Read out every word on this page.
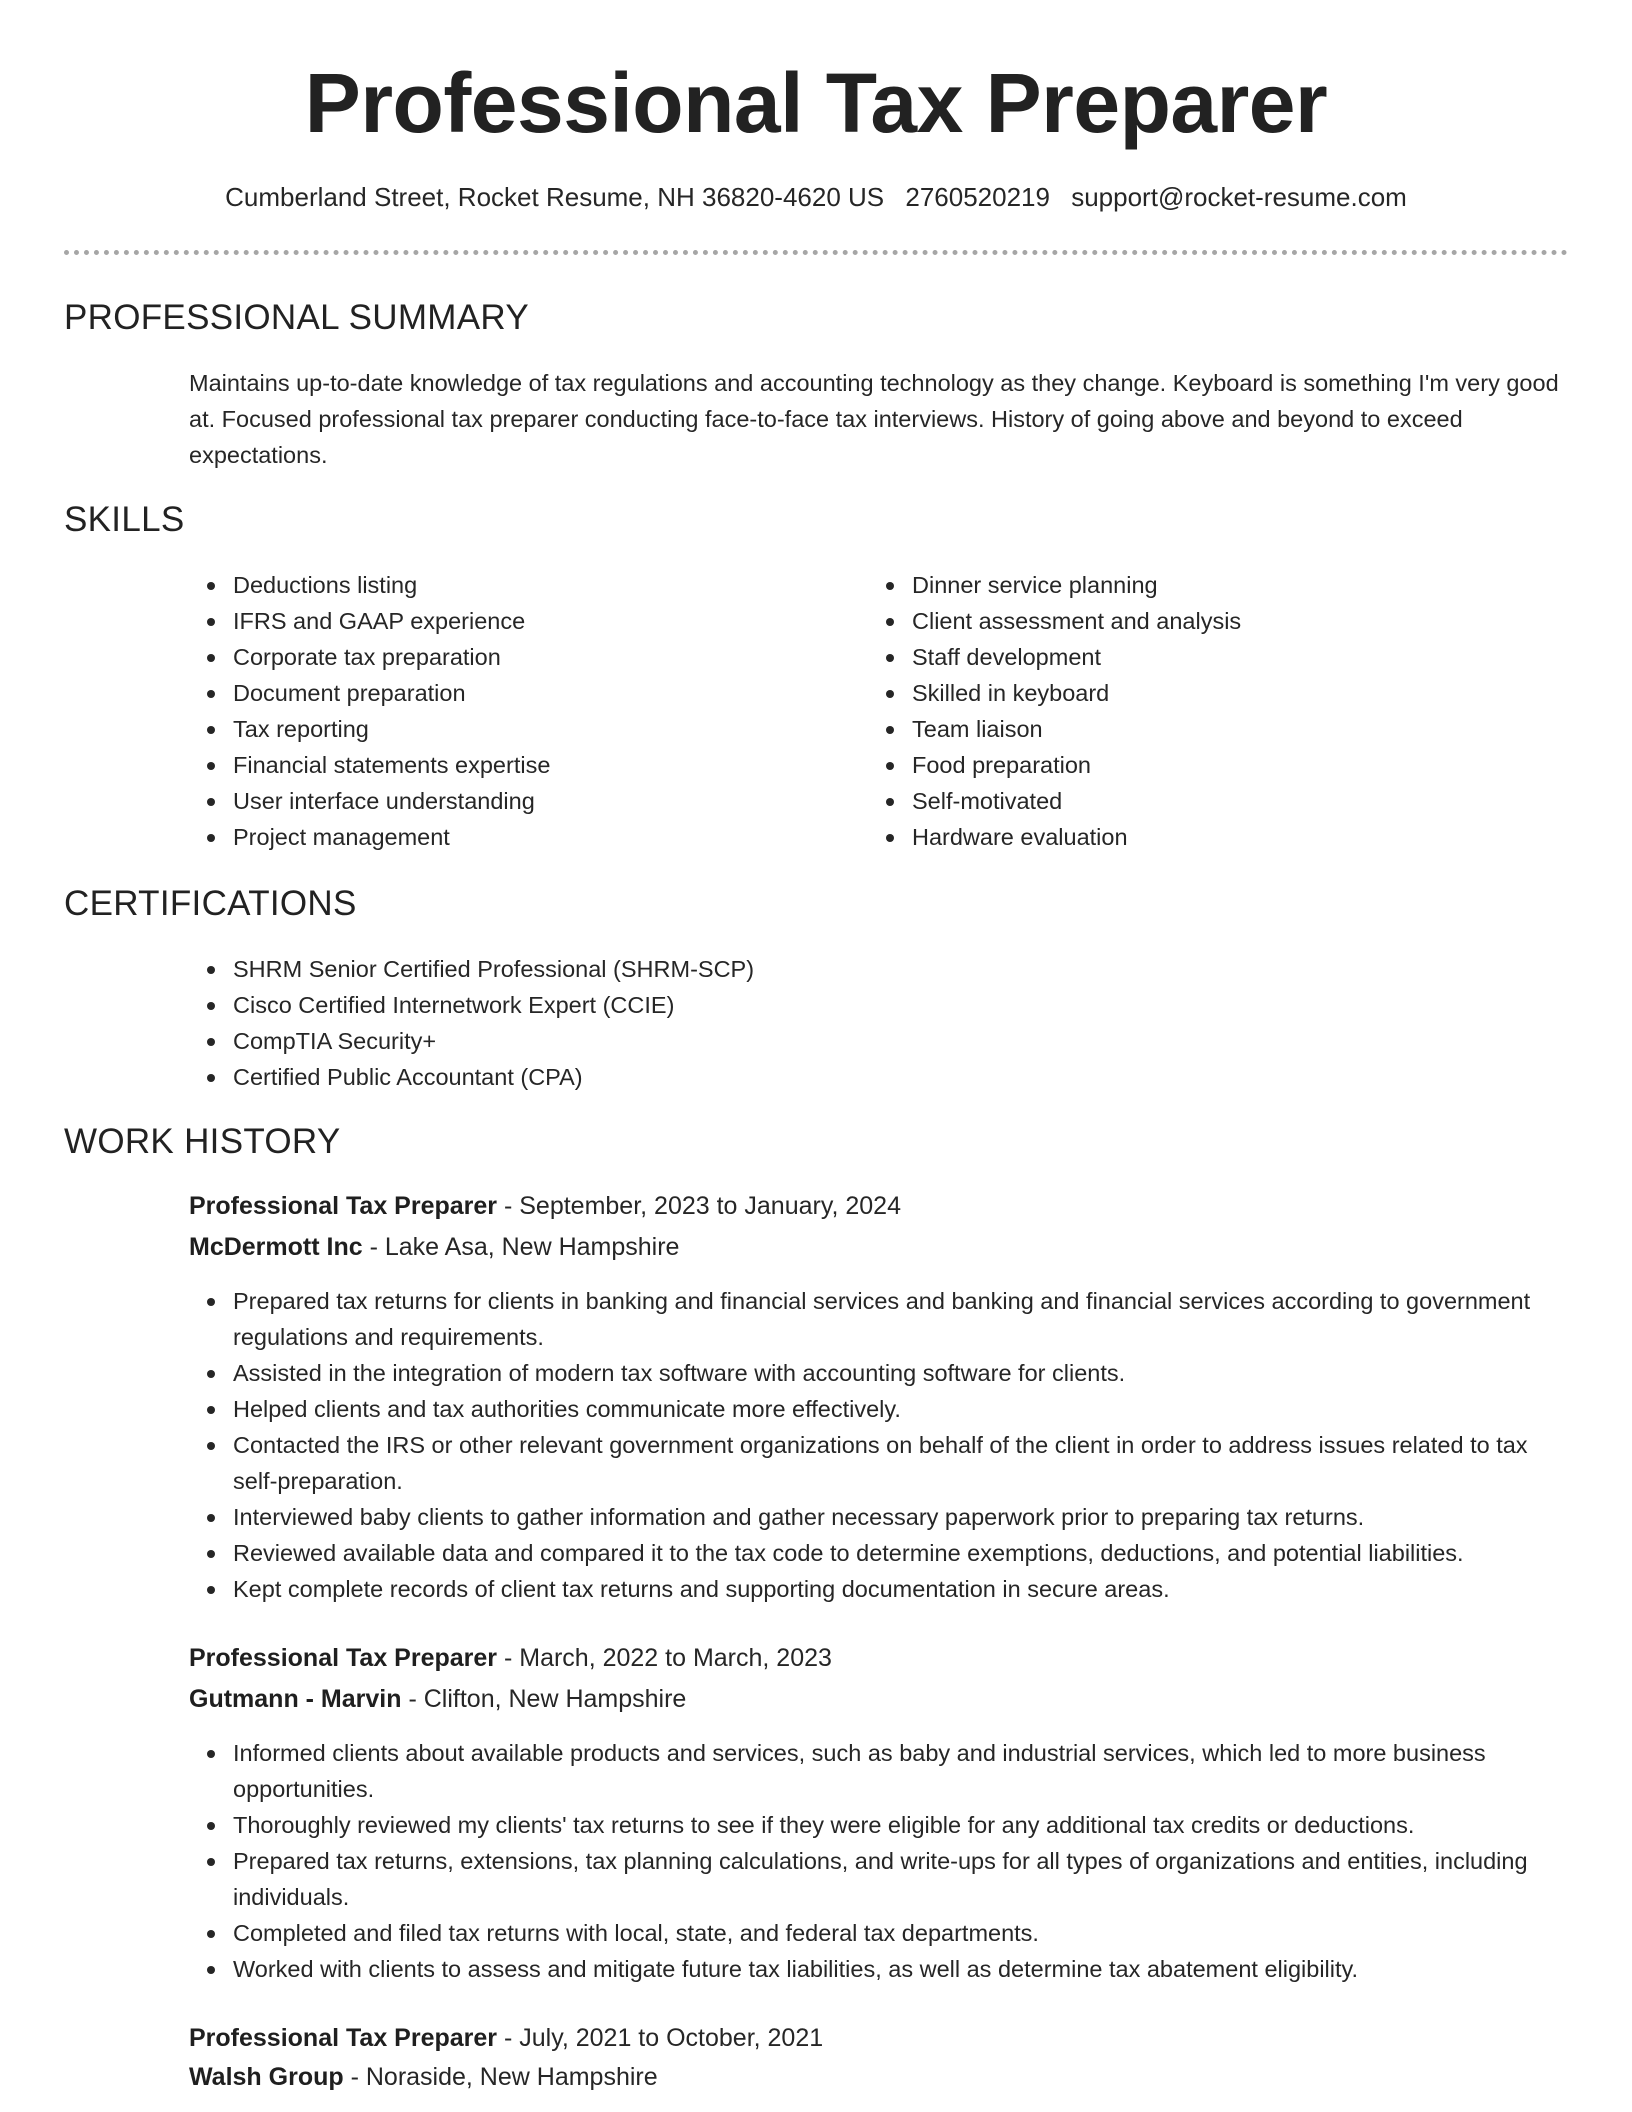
Professional Tax Preparer
Cumberland Street, Rocket Resume, NH 36820-4620 US 2760520219 support@rocket-resume.com
PROFESSIONAL SUMMARY

Maintains up-to-date knowledge of tax regulations and accounting technology as they change. Keyboard is something I'm very good at. Focused professional tax preparer conducting face-to-face tax interviews. History of going above and beyond to exceed expectations.

SKILLS
Deductions listing
IFRS and GAAP experience
Corporate tax preparation
Document preparation
Tax reporting
Financial statements expertise
User interface understanding
Project management
Dinner service planning
Client assessment and analysis
Staff development
Skilled in keyboard
Team liaison
Food preparation
Self-motivated
Hardware evaluation
CERTIFICATIONS
SHRM Senior Certified Professional (SHRM-SCP)
Cisco Certified Internetwork Expert (CCIE)
CompTIA Security+
Certified Public Accountant (CPA)
WORK HISTORY
Professional Tax Preparer - September, 2023 to January, 2024
McDermott Inc - Lake Asa, New Hampshire
Prepared tax returns for clients in banking and financial services and banking and financial services according to government regulations and requirements.
Assisted in the integration of modern tax software with accounting software for clients.
Helped clients and tax authorities communicate more effectively.
Contacted the IRS or other relevant government organizations on behalf of the client in order to address issues related to tax self-preparation.
Interviewed baby clients to gather information and gather necessary paperwork prior to preparing tax returns.
Reviewed available data and compared it to the tax code to determine exemptions, deductions, and potential liabilities.
Kept complete records of client tax returns and supporting documentation in secure areas.
Professional Tax Preparer - March, 2022 to March, 2023
Gutmann - Marvin - Clifton, New Hampshire
Informed clients about available products and services, such as baby and industrial services, which led to more business opportunities.
Thoroughly reviewed my clients' tax returns to see if they were eligible for any additional tax credits or deductions.
Prepared tax returns, extensions, tax planning calculations, and write-ups for all types of organizations and entities, including individuals.
Completed and filed tax returns with local, state, and federal tax departments.
Worked with clients to assess and mitigate future tax liabilities, as well as determine tax abatement eligibility.
Professional Tax Preparer - July, 2021 to October, 2021
Walsh Group - Noraside, New Hampshire
